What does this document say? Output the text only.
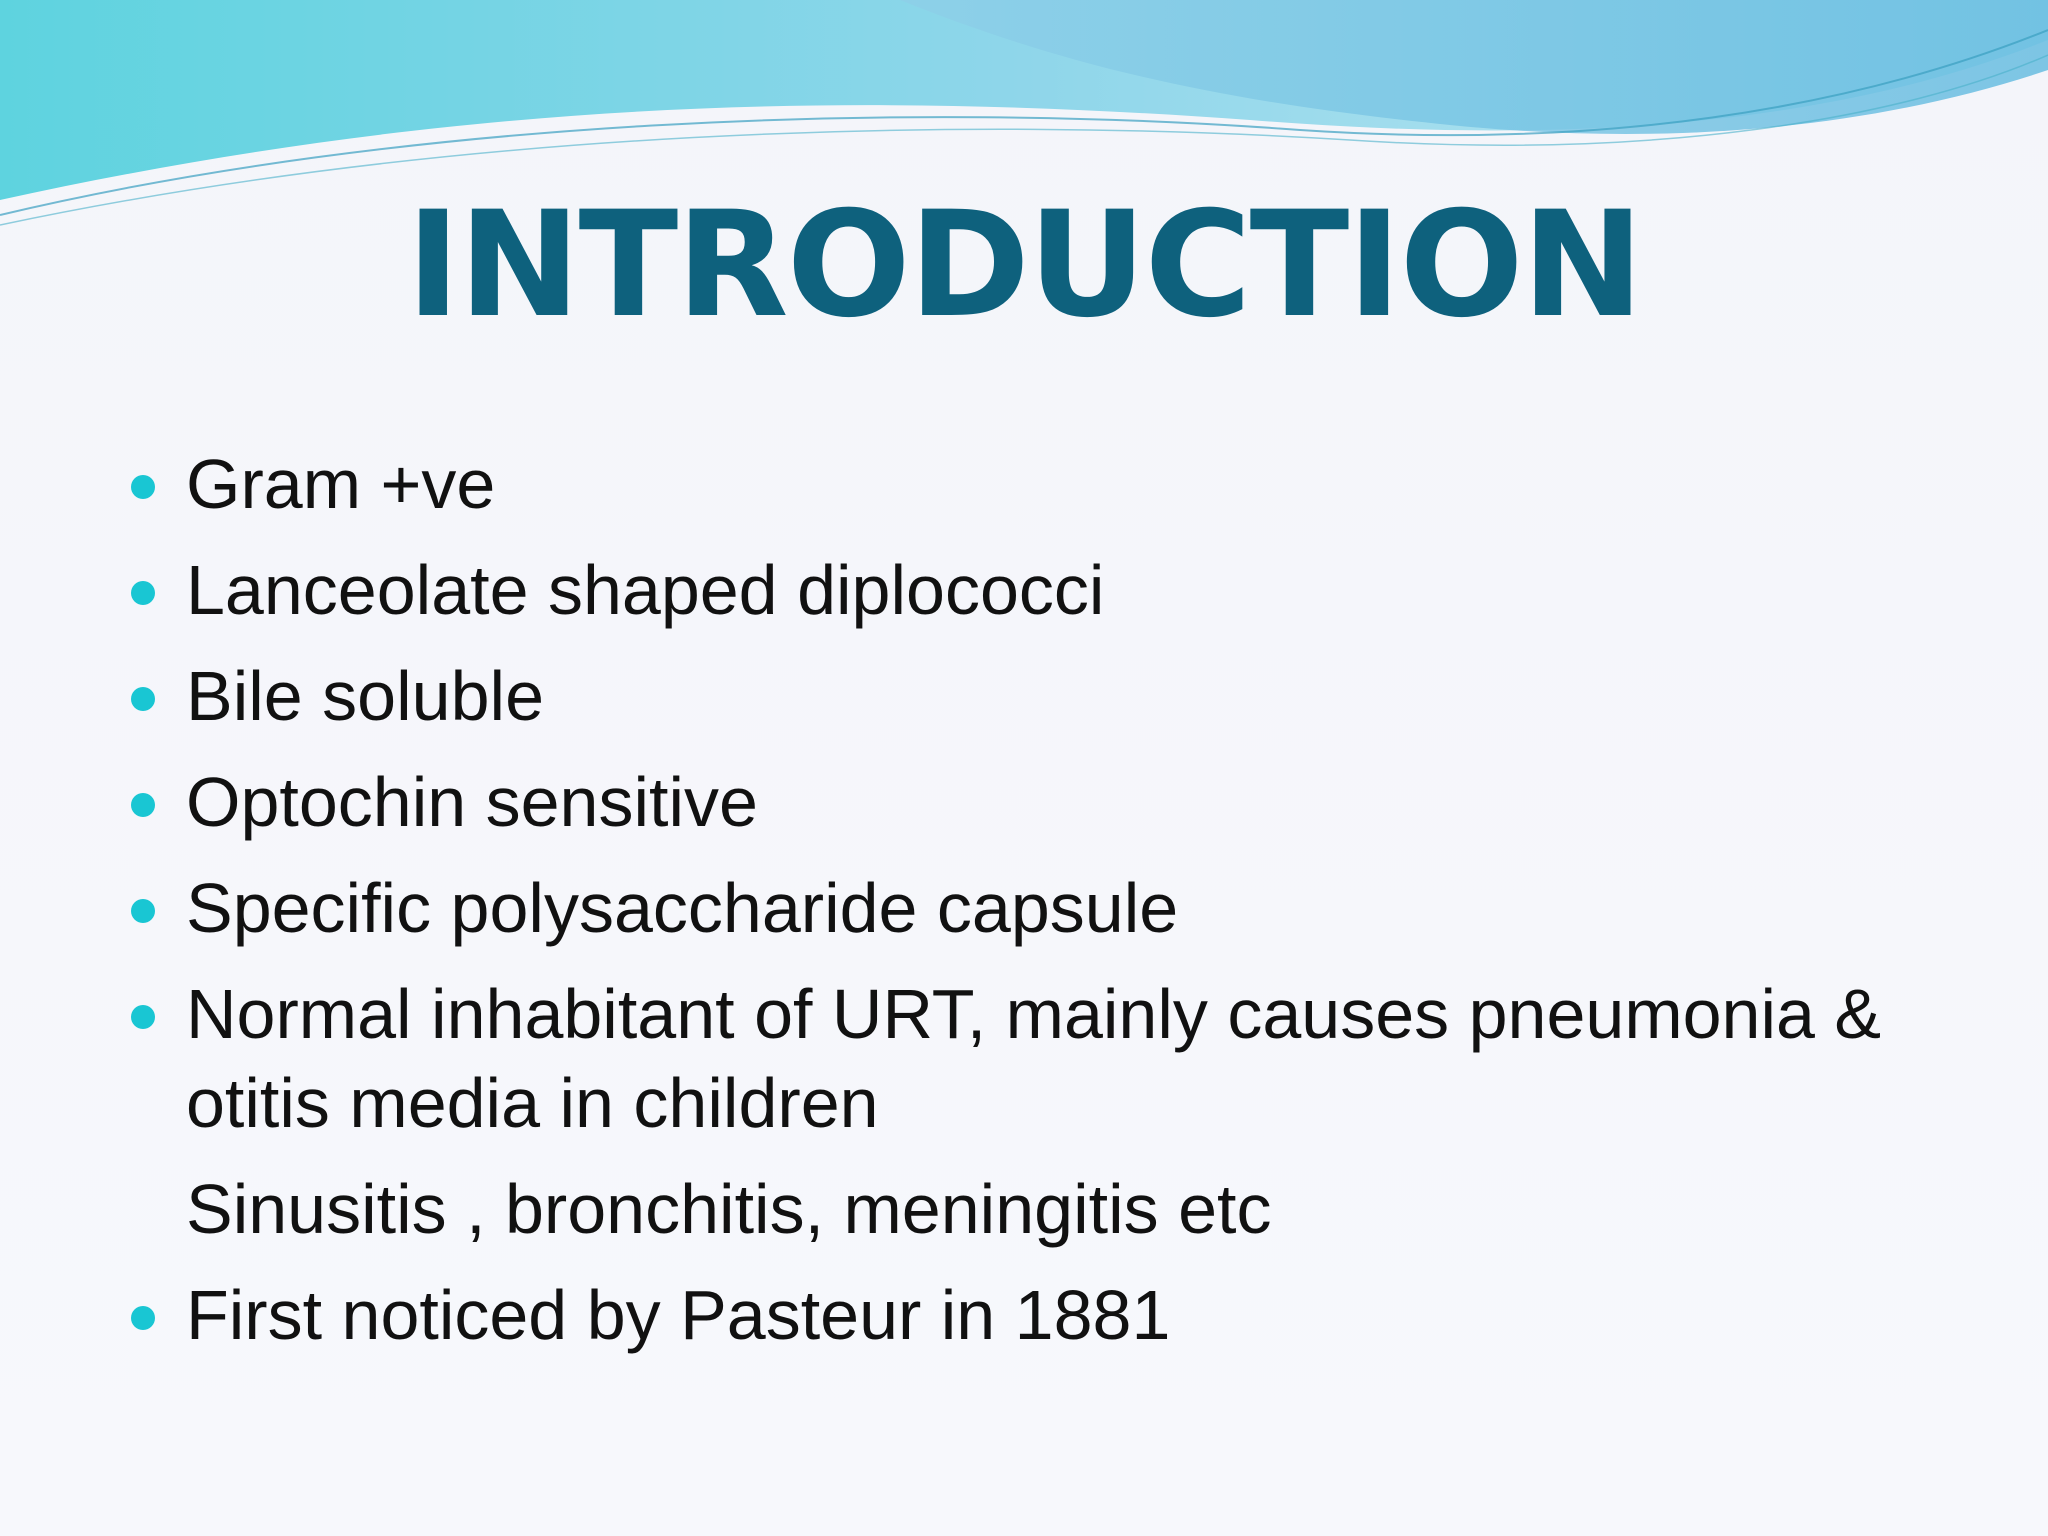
INTRODUCTION
Gram +ve
Lanceolate shaped diplococci
Bile soluble
Optochin sensitive
Specific polysaccharide capsule
Normal inhabitant of URT, mainly causes pneumonia & otitis media in children
Sinusitis , bronchitis, meningitis etc
First noticed by Pasteur in 1881
